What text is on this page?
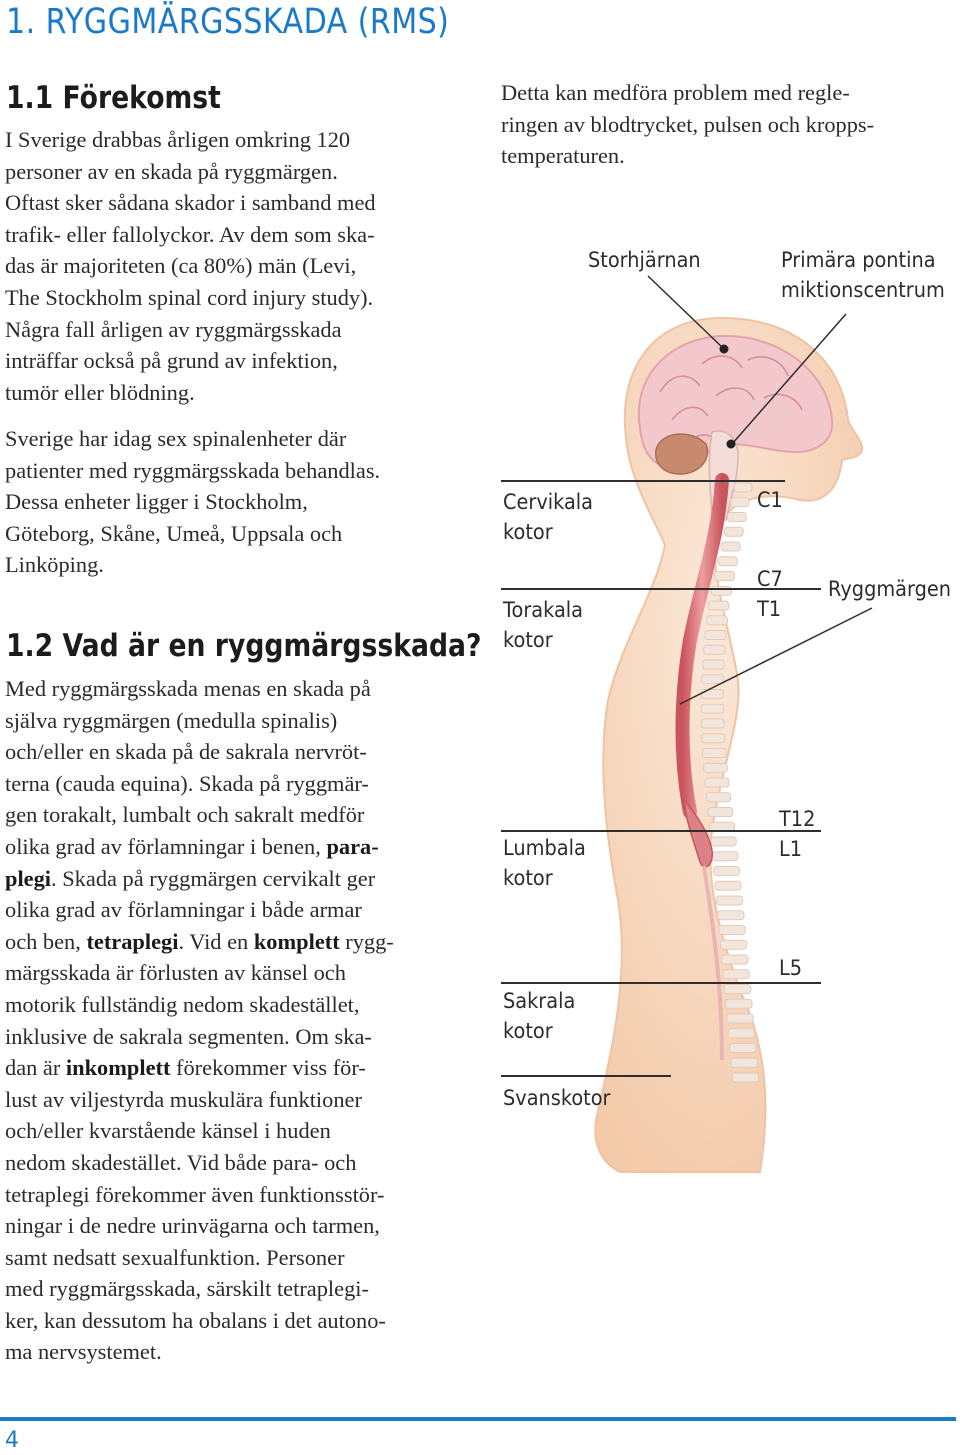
1. RYGGMÄRGSSKADA (RMS)
1.1 Förekomst

I Sverige drabbas årligen omkring 120

personer av en skada på ryggmärgen.

Oftast sker sådana skador i samband med

trafik- eller fallolyckor. Av dem som ska-

das är majoriteten (ca 80%) män (Levi,

The Stockholm spinal cord injury study).

Några fall årligen av ryggmärgsskada

inträffar också på grund av infektion,

tumör eller blödning.

Sverige har idag sex spinalenheter där

patienter med ryggmärgsskada behandlas.

Dessa enheter ligger i Stockholm,

Göteborg, Skåne, Umeå, Uppsala och

Linköping.

1.2 Vad är en ryggmärgsskada?

Med ryggmärgsskada menas en skada på

själva ryggmärgen (medulla spinalis)

och/eller en skada på de sakrala nervröt-

terna (cauda equina). Skada på ryggmär-

gen torakalt, lumbalt och sakralt medför

olika grad av förlamningar i benen, para-

plegi. Skada på ryggmärgen cervikalt ger

olika grad av förlamningar i både armar

och ben, tetraplegi. Vid en komplett rygg-

märgsskada är förlusten av känsel och

motorik fullständig nedom skadestället,

inklusive de sakrala segmenten. Om ska-

dan är inkomplett förekommer viss för-

lust av viljestyrda muskulära funktioner

och/eller kvarstående känsel i huden

nedom skadestället. Vid både para- och

tetraplegi förekommer även funktionsstör-

ningar i de nedre urinvägarna och tarmen,

samt nedsatt sexualfunktion. Personer

med ryggmärgsskada, särskilt tetraplegi-

ker, kan dessutom ha obalans i det autono-

ma nervsystemet.

Detta kan medföra problem med regle-

ringen av blodtrycket, pulsen och kropps-

temperaturen.

Storhjärnan	Primära pontina
miktionscentrum
Cervikala
kotor
Torakala
kotor
Lumbala
kotor
Sakrala
kotor
Svanskotor
C1
C7
T1
T12
L1
L5
Ryggmärgen
4
